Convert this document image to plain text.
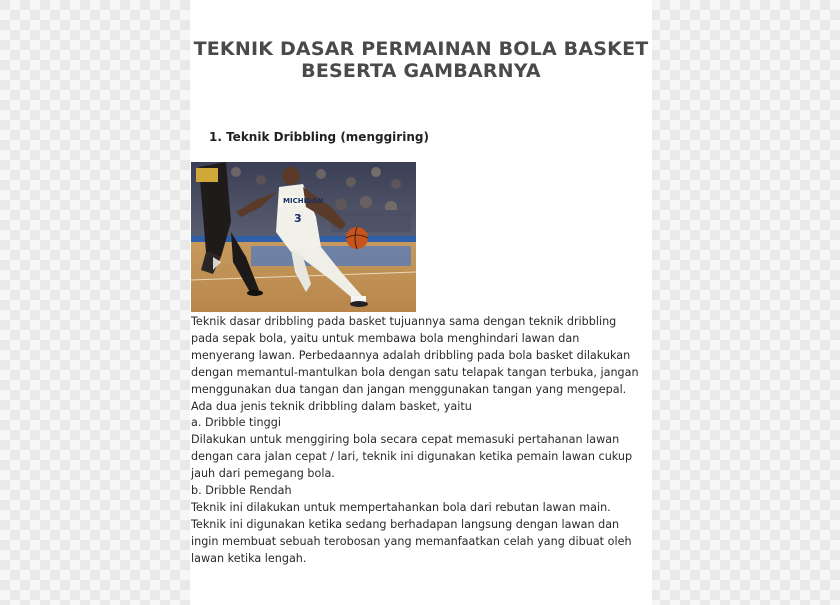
TEKNIK DASAR PERMAINAN BOLA BASKET
BESERTA GAMBARNYA
1. Teknik Dribbling (menggiring)
MICHIGAN
3
Teknik dasar dribbling pada basket tujuannya sama dengan teknik dribbling
pada sepak bola, yaitu untuk membawa bola menghindari lawan dan
menyerang lawan. Perbedaannya adalah dribbling pada bola basket dilakukan
dengan memantul-mantulkan bola dengan satu telapak tangan terbuka, jangan
menggunakan dua tangan dan jangan menggunakan tangan yang mengepal.
Ada dua jenis teknik dribbling dalam basket, yaitu
a. Dribble tinggi
Dilakukan untuk menggiring bola secara cepat memasuki pertahanan lawan
dengan cara jalan cepat / lari, teknik ini digunakan ketika pemain lawan cukup
jauh dari pemegang bola.
b. Dribble Rendah
Teknik ini dilakukan untuk mempertahankan bola dari rebutan lawan main.
Teknik ini digunakan ketika sedang berhadapan langsung dengan lawan dan
ingin membuat sebuah terobosan yang memanfaatkan celah yang dibuat oleh
lawan ketika lengah.
